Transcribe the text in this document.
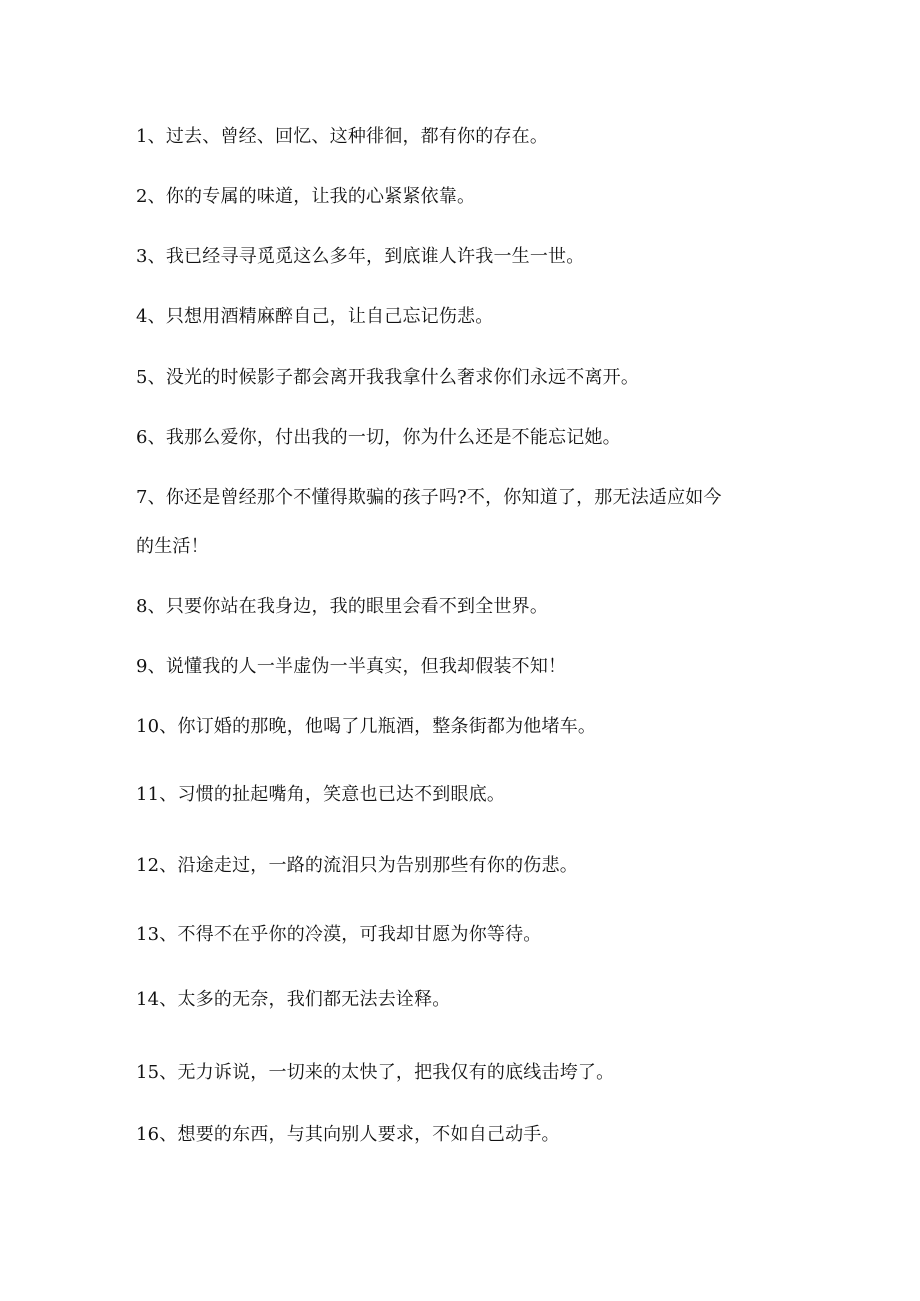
1、过去、曾经、回忆、这种徘徊，都有你的存在。
2、你的专属的味道，让我的心紧紧依靠。
3、我已经寻寻觅觅这么多年，到底谁人许我一生一世。
4、只想用酒精麻醉自己，让自己忘记伤悲。
5、没光的时候影子都会离开我我拿什么奢求你们永远不离开。
6、我那么爱你，付出我的一切，你为什么还是不能忘记她。
7、你还是曾经那个不懂得欺骗的孩子吗?不，你知道了，那无法适应如今
的生活！
8、只要你站在我身边，我的眼里会看不到全世界。
9、说懂我的人一半虚伪一半真实，但我却假装不知！
10、你订婚的那晚，他喝了几瓶酒，整条街都为他堵车。
11、习惯的扯起嘴角，笑意也已达不到眼底。
12、沿途走过，一路的流泪只为告别那些有你的伤悲。
13、不得不在乎你的冷漠，可我却甘愿为你等待。
14、太多的无奈，我们都无法去诠释。
15、无力诉说，一切来的太快了，把我仅有的底线击垮了。
16、想要的东西，与其向别人要求，不如自己动手。
